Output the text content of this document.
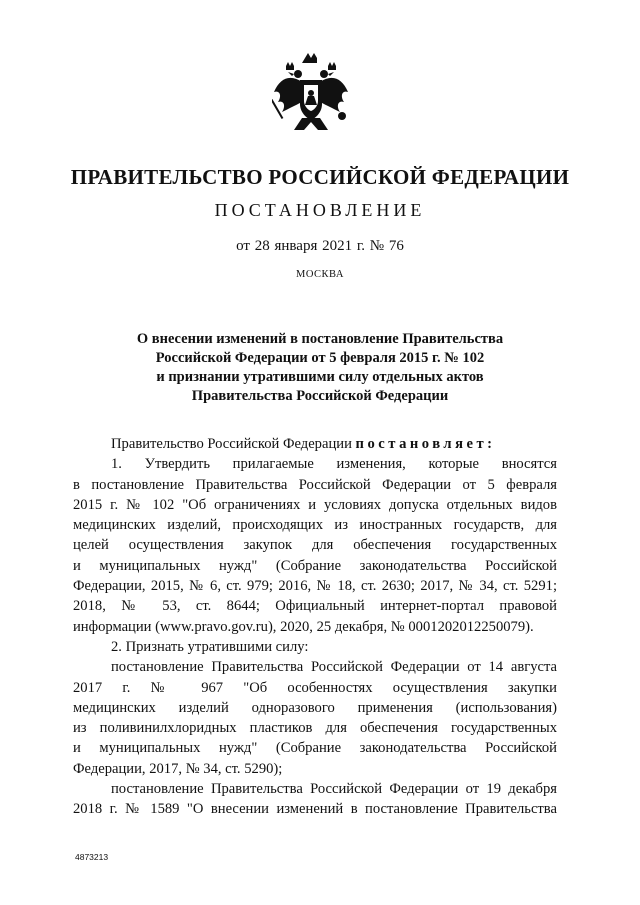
ПРАВИТЕЛЬСТВО РОССИЙСКОЙ ФЕДЕРАЦИИ
ПОСТАНОВЛЕНИЕ
от 28 января 2021 г. № 76
МОСКВА
О внесении изменений в постановление Правительства
Российской Федерации от 5 февраля 2015 г. № 102
и признании утратившими силу отдельных актов
Правительства Российской Федерации
Правительство Российской Федерации постановляет:
1. Утвердить прилагаемые изменения, которые вносятся
в постановление Правительства Российской Федерации от 5 февраля
2015 г. № 102 "Об ограничениях и условиях допуска отдельных видов
медицинских изделий, происходящих из иностранных государств, для
целей осуществления закупок для обеспечения государственных
и муниципальных нужд" (Собрание законодательства Российской
Федерации, 2015, № 6, ст. 979; 2016, № 18, ст. 2630; 2017, № 34, ст. 5291;
2018, № 53, ст. 8644; Официальный интернет-портал правовой
информации (www.pravo.gov.ru), 2020, 25 декабря, № 0001202012250079).
2. Признать утратившими силу:
постановление Правительства Российской Федерации от 14 августа
2017 г. № 967 "Об особенностях осуществления закупки
медицинских изделий одноразового применения (использования)
из поливинилхлоридных пластиков для обеспечения государственных
и муниципальных нужд" (Собрание законодательства Российской
Федерации, 2017, № 34, ст. 5290);
постановление Правительства Российской Федерации от 19 декабря
2018 г. № 1589 "О внесении изменений в постановление Правительства
4873213
